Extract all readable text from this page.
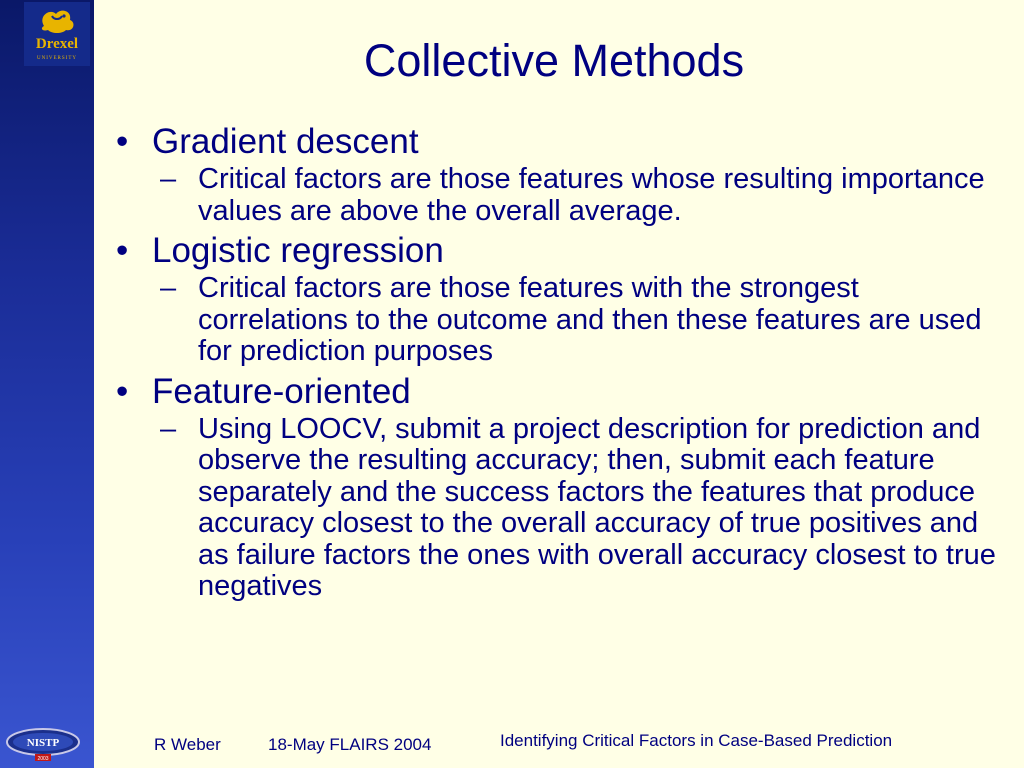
Drexel
UNIVERSITY
NISTP
2003
Collective Methods
• Gradient descent
– Critical factors are those features whose resulting importance values are above the overall average.
• Logistic regression
– Critical factors are those features with the strongest correlations to the outcome and then these features are used for prediction purposes
• Feature-oriented
– Using LOOCV, submit a project description for prediction and observe the resulting accuracy; then, submit each feature separately and the success factors the features that produce accuracy closest to the overall accuracy of true positives and as failure factors the ones with overall accuracy closest to true negatives
R Weber	18-May FLAIRS 2004	Identifying Critical Factors in Case-Based Prediction
